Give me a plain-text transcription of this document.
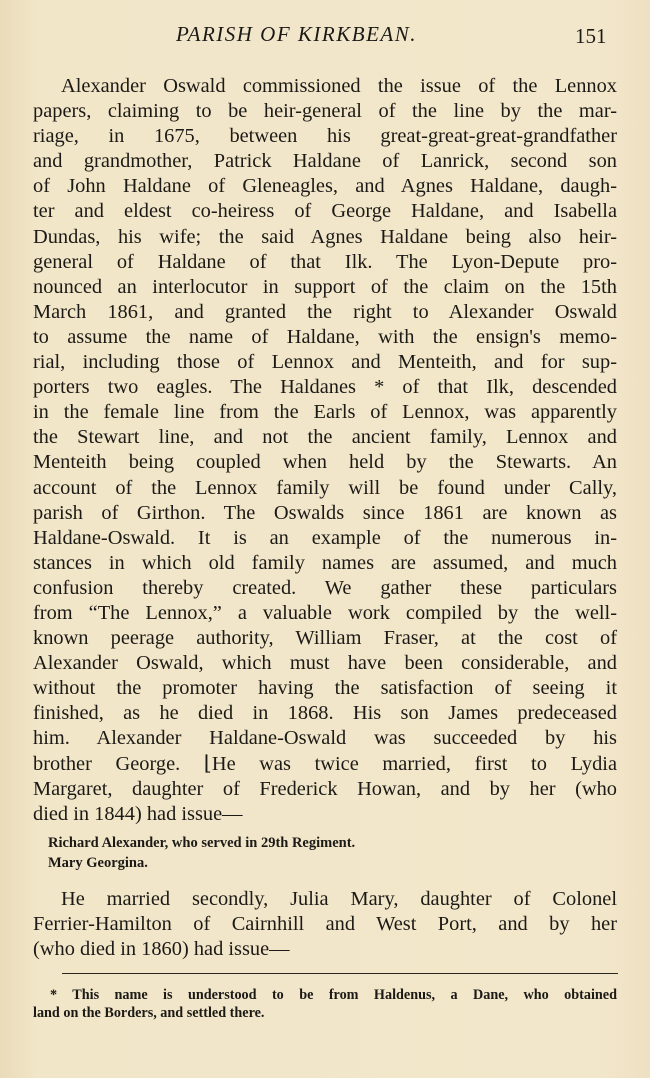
PARISH OF KIRKBEAN.	151
Alexander Oswald commissioned the issue of the Lennox
papers, claiming to be heir-general of the line by the mar-
riage, in 1675, between his great-great-great-grandfather
and grandmother, Patrick Haldane of Lanrick, second son
of John Haldane of Gleneagles, and Agnes Haldane, daugh-
ter and eldest co-heiress of George Haldane, and Isabella
Dundas, his wife; the said Agnes Haldane being also heir-
general of Haldane of that Ilk. The Lyon-Depute pro-
nounced an interlocutor in support of the claim on the 15th
March 1861, and granted the right to Alexander Oswald
to assume the name of Haldane, with the ensign's memo-
rial, including those of Lennox and Menteith, and for sup-
porters two eagles. The Haldanes * of that Ilk, descended
in the female line from the Earls of Lennox, was apparently
the Stewart line, and not the ancient family, Lennox and
Menteith being coupled when held by the Stewarts. An
account of the Lennox family will be found under Cally,
parish of Girthon. The Oswalds since 1861 are known as
Haldane-Oswald. It is an example of the numerous in-
stances in which old family names are assumed, and much
confusion thereby created. We gather these particulars
from “The Lennox,” a valuable work compiled by the well-
known peerage authority, William Fraser, at the cost of
Alexander Oswald, which must have been considerable, and
without the promoter having the satisfaction of seeing it
finished, as he died in 1868. His son James predeceased
him. Alexander Haldane-Oswald was succeeded by his
brother George. ⌊He was twice married, first to Lydia
Margaret, daughter of Frederick Howan, and by her (who
died in 1844) had issue—
Richard Alexander, who served in 29th Regiment.
Mary Georgina.
He married secondly, Julia Mary, daughter of Colonel
Ferrier-Hamilton of Cairnhill and West Port, and by her
(who died in 1860) had issue—
* This name is understood to be from Haldenus, a Dane, who obtained
land on the Borders, and settled there.
